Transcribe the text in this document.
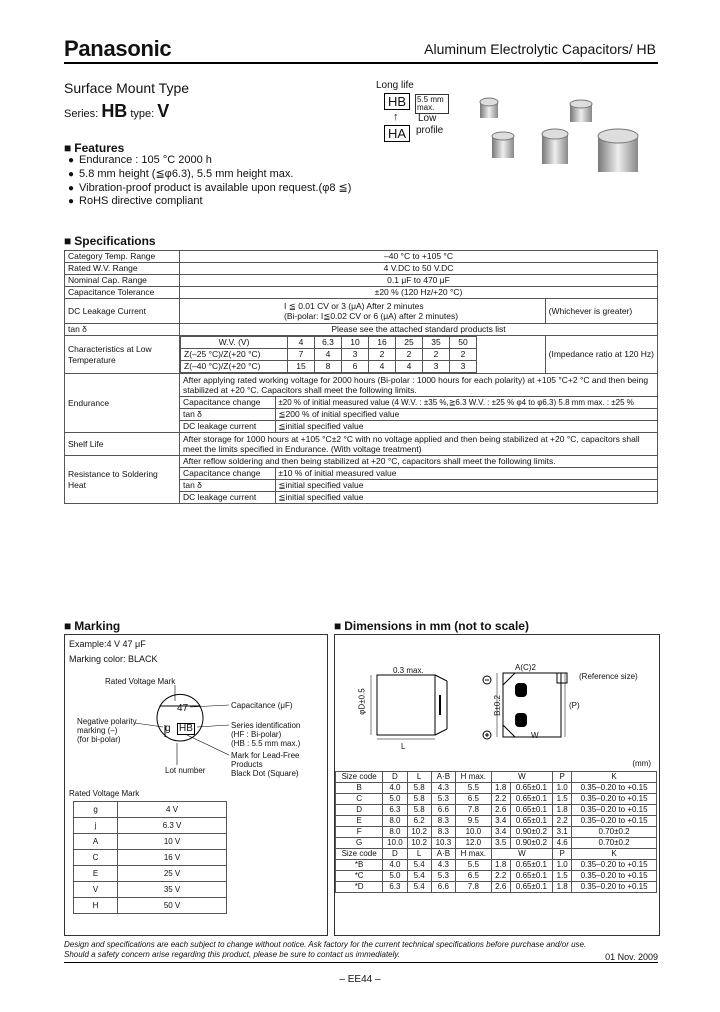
Panasonic	Aluminum Electrolytic Capacitors/ HB
Surface Mount Type
Series: HB type: V
Long life
HB	5.5 mm max.
↑ Low
HA profile
■ Features
● Endurance : 105 °C 2000 h
● 5.8 mm height (≦φ6.3), 5.5 mm height max.
● Vibration-proof product is available upon request.(φ8 ≦)
● RoHS directive compliant
■ Specifications
Category Temp. Range	–40 °C to +105 °C
Rated W.V. Range	4 V.DC to 50 V.DC
Nominal Cap. Range	0.1 μF to 470 μF
Capacitance Tolerance	±20 % (120 Hz/+20 °C)
DC Leakage Current	I ≦ 0.01 CV or 3 (μA) After 2 minutes
(Bi-polar: I≦0.02 CV or 6 (μA) after 2 minutes)
	(Whichever is greater)
tan δ	Please see the attached standard products list
Characteristics at Low Temperature	
W.V. (V)	4	6.3	10	16	25	35	50
Z(–25 °C)/Z(+20 °C)	7	4	3	2	2	2	2
Z(–40 °C)/Z(+20 °C)	15	8	6	4	4	3	3
	(Impedance ratio at 120 Hz)
Endurance	After applying rated working voltage for 2000 hours (Bi-polar : 1000 hours for each polarity) at +105 °C+2 °C and then being stabilized at +20 °C. Capacitors shall meet the following limits.
Capacitance change ±20 % of initial measured value (4 W.V. : ±35 %,≧6.3 W.V. : ±25 % φ4 to φ6.3) 5.8 mm max. : ±25 %
tan δ	≦200 % of initial specified value
DC leakage current	≦initial specified value
Shelf Life	After storage for 1000 hours at +105 °C±2 °C with no voltage applied and then being stabilized at +20 °C, capacitors shall meet the limits specified in Endurance. (With voltage treatment)
Resistance to Soldering Heat	After reflow soldering and then being stabilized at +20 °C, capacitors shall meet the following limits.
Capacitance change ±10 % of initial measured value
tan δ	≦initial specified value
DC leakage current	≦initial specified value
■ Marking
Example:4 V 47 μF
Marking color: BLACK
Rated Voltage Mark
47
g HB
Capacitance (μF)
Series identification
(HF : Bi-polar)
(HB : 5.5 mm max.)
Negative polarity marking (–)
(for bi-polar)
Mark for Lead-Free Products
Black Dot (Square)
Lot number
Rated Voltage Mark
g	4 V
j	6.3 V
A	10 V
C	16 V
E	25 V
V	35 V
H	50 V
■ Dimensions in mm (not to scale)
0.3 max.	A(C)2
(Reference size)
φD±0.5
L
B±0.2	(P)
W
(mm)
Size code	D	L	A·B	H max.	W		P	K
B	4.0	5.8	4.3	5.5	1.8	0.65±0.1	1.0	0.35–0.20 to +0.15
C	5.0	5.8	5.3	6.5	2.2	0.65±0.1	1.5	0.35–0.20 to +0.15
D	6.3	5.8	6.6	7.8	2.6	0.65±0.1	1.8	0.35–0.20 to +0.15
E	8.0	6.2	8.3	9.5	3.4	0.65±0.1	2.2	0.35–0.20 to +0.15
F	8.0	10.2	8.3	10.0	3.4	0.90±0.2	3.1	0.70±0.2
G	10.0	10.2	10.3	12.0	3.5	0.90±0.2	4.6	0.70±0.2
Size code	D	L	A·B	H max.	W		P	K
*B	4.0	5.4	4.3	5.5	1.8	0.65±0.1	1.0	0.35–0.20 to +0.15
*C	5.0	5.4	5.3	6.5	2.2	0.65±0.1	1.5	0.35–0.20 to +0.15
*D	6.3	5.4	6.6	7.8	2.6	0.65±0.1	1.8	0.35–0.20 to +0.15
Design and specifications are each subject to change without notice. Ask factory for the current technical specifications before purchase and/or use.
Should a safety concern arise regarding this product, please be sure to contact us immediately.	01 Nov. 2009
– EE44 –
